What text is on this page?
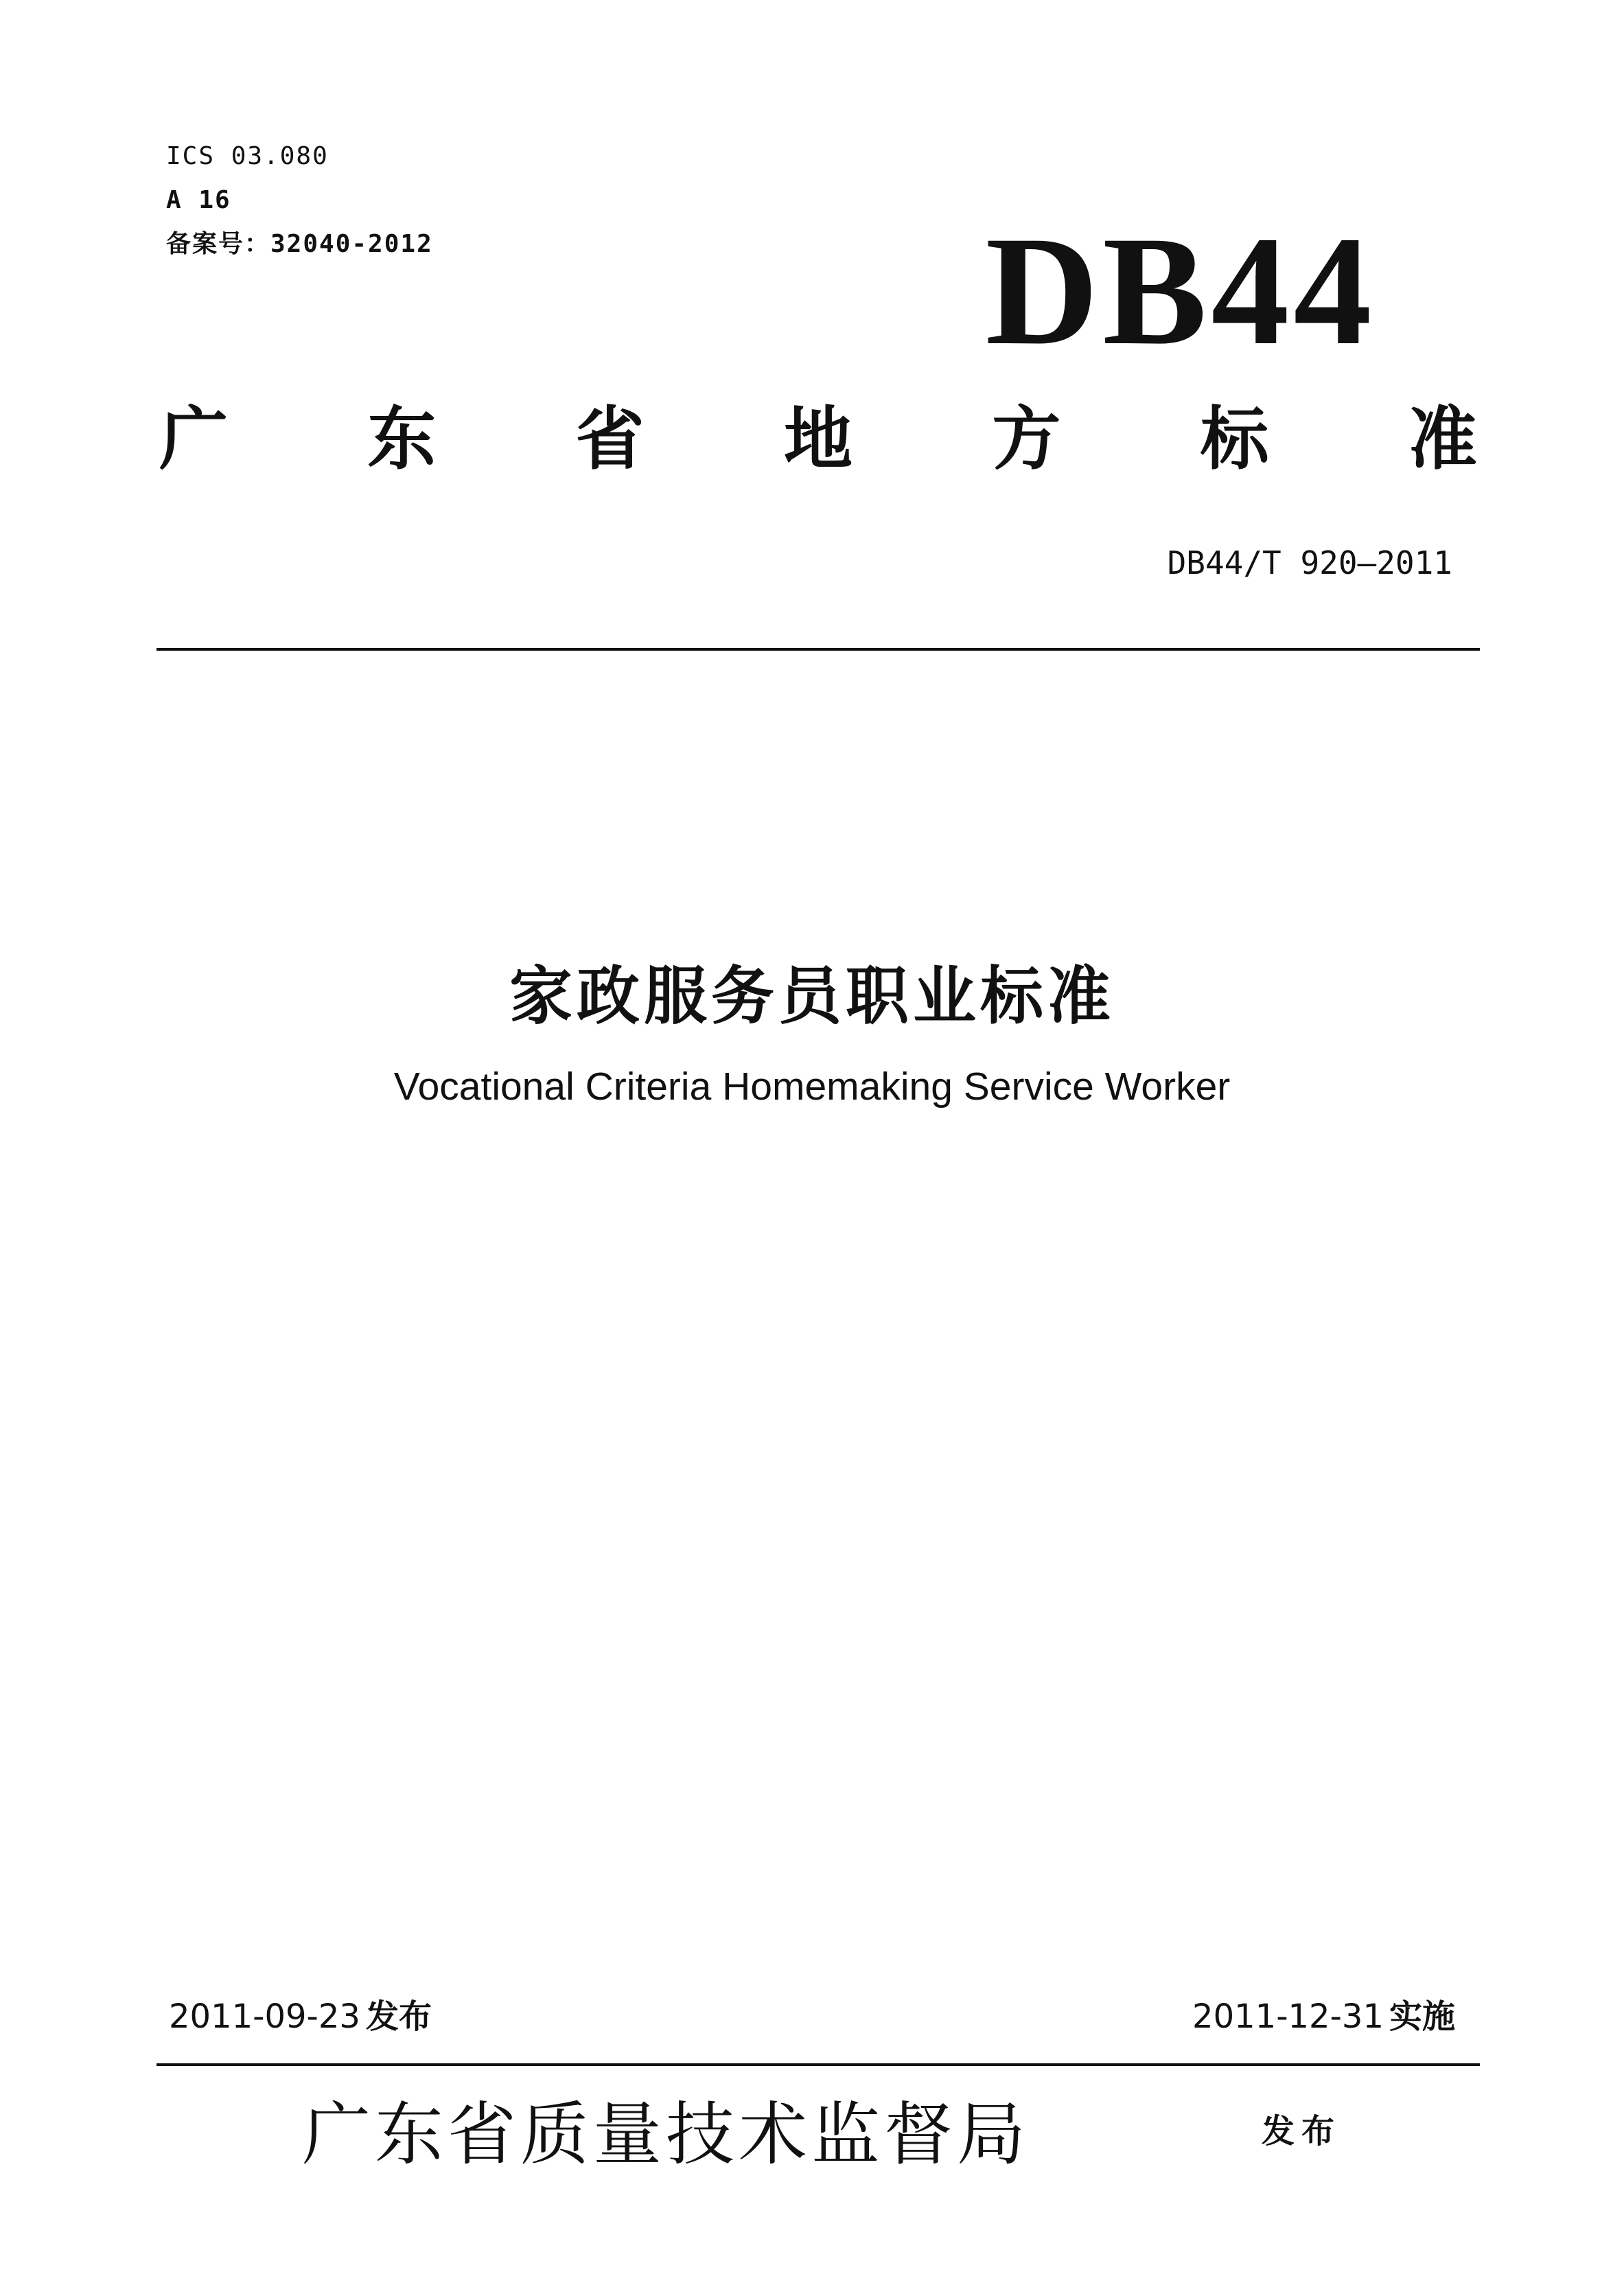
ICS 03.080
A 16
备案号：32040-2012	DB44
广 东 省 地 方 标 准
DB44/T 920—2011
家政服务员职业标准
Vocational Criteria Homemaking Service Worker
2011-09-23 发布	2011-12-31 实施
广东省质量技术监督局	发布
